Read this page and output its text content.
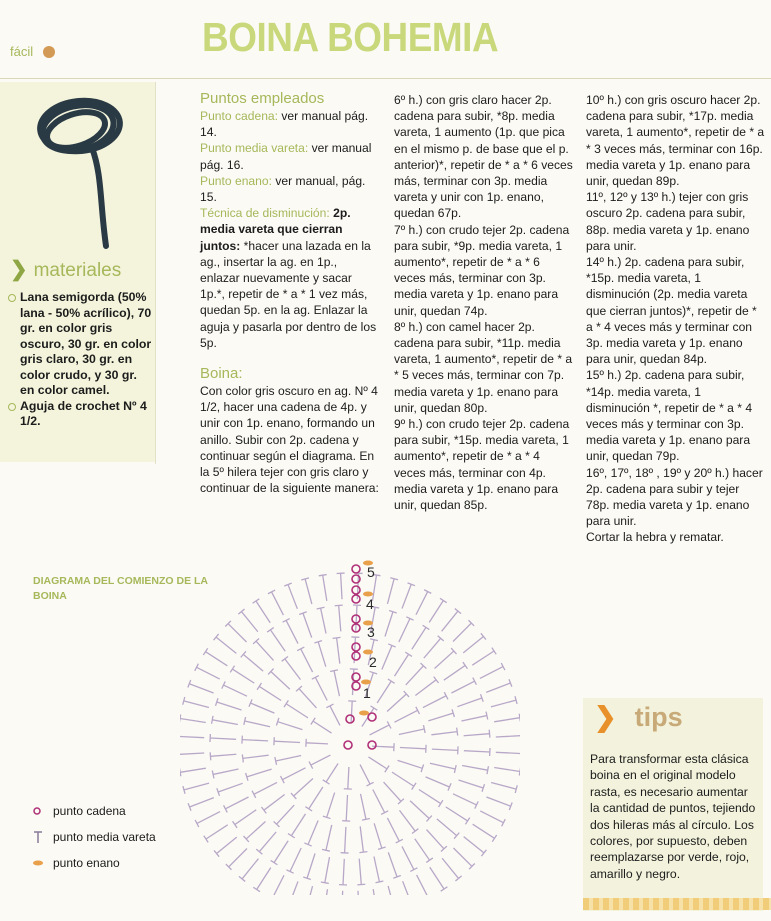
BOINA BOHEMIA
fácil
❯ materiales

Lana semigorda (50% lana - 50% acrílico), 70 gr. en color gris oscuro, 30 gr. en color gris claro, 30 gr. en color crudo, y 30 gr. en color camel.

Aguja de crochet Nº 4 1/2.

Puntos empleados

Punto cadena: ver manual pág. 14.

Punto media vareta: ver manual pág. 16.

Punto enano: ver manual, pág. 15.

Técnica de disminución: 2p. media vareta que cierran juntos: *hacer una lazada en la ag., insertar la ag. en 1p., enlazar nuevamente y sacar 1p.*, repetir de * a * 1 vez más, quedan 5p. en la ag. Enlazar la aguja y pasarla por dentro de los 5p.

Boina:

Con color gris oscuro en ag. Nº 4 1/2, hacer una cadena de 4p. y unir con 1p. enano, formando un anillo. Subir con 2p. cadena y continuar según el diagrama. En la 5º hilera tejer con gris claro y continuar de la siguiente manera:

6º h.) con gris claro hacer 2p. cadena para subir, *8p. media vareta, 1 aumento (1p. que pica en el mismo p. de base que el p. anterior)*, repetir de * a * 6 veces más, terminar con 3p. media vareta y unir con 1p. enano, quedan 67p.

7º h.) con crudo tejer 2p. cadena para subir, *9p. media vareta, 1 aumento*, repetir de * a * 6 veces más, terminar con 3p. media vareta y 1p. enano para unir, quedan 74p.

8º h.) con camel hacer 2p. cadena para subir, *11p. media vareta, 1 aumento*, repetir de * a * 5 veces más, terminar con 7p. media vareta y 1p. enano para unir, quedan 80p.

9º h.) con crudo tejer 2p. cadena para subir, *15p. media vareta, 1 aumento*, repetir de * a * 4 veces más, terminar con 4p. media vareta y 1p. enano para unir, quedan 85p.

10º h.) con gris oscuro hacer 2p. cadena para subir, *17p. media vareta, 1 aumento*, repetir de * a * 3 veces más, terminar con 16p. media vareta y 1p. enano para unir, quedan 89p.

11º, 12º y 13º h.) tejer con gris oscuro 2p. cadena para subir, 88p. media vareta y 1p. enano para unir.

14º h.) 2p. cadena para subir, *15p. media vareta, 1 disminución (2p. media vareta que cierran juntos)*, repetir de * a * 4 veces más y terminar con 3p. media vareta y 1p. enano para unir, quedan 84p.

15º h.) 2p. cadena para subir, *14p. media vareta, 1 disminución *, repetir de * a * 4 veces más y terminar con 3p. media vareta y 1p. enano para unir, quedan 79p.

16º, 17º, 18º , 19º y 20º h.) hacer 2p. cadena para subir y tejer 78p. media vareta y 1p. enano para unir.

Cortar la hebra y rematar.

DIAGRAMA DEL COMIENZO DE LA BOINA
5
4
3
2
1
punto cadena
punto media vareta
punto enano
❯ tips
Para transformar esta clásica boina en el original modelo rasta, es necesario aumentar la cantidad de puntos, tejiendo dos hileras más al círculo. Los colores, por supuesto, deben reemplazarse por verde, rojo, amarillo y negro.
